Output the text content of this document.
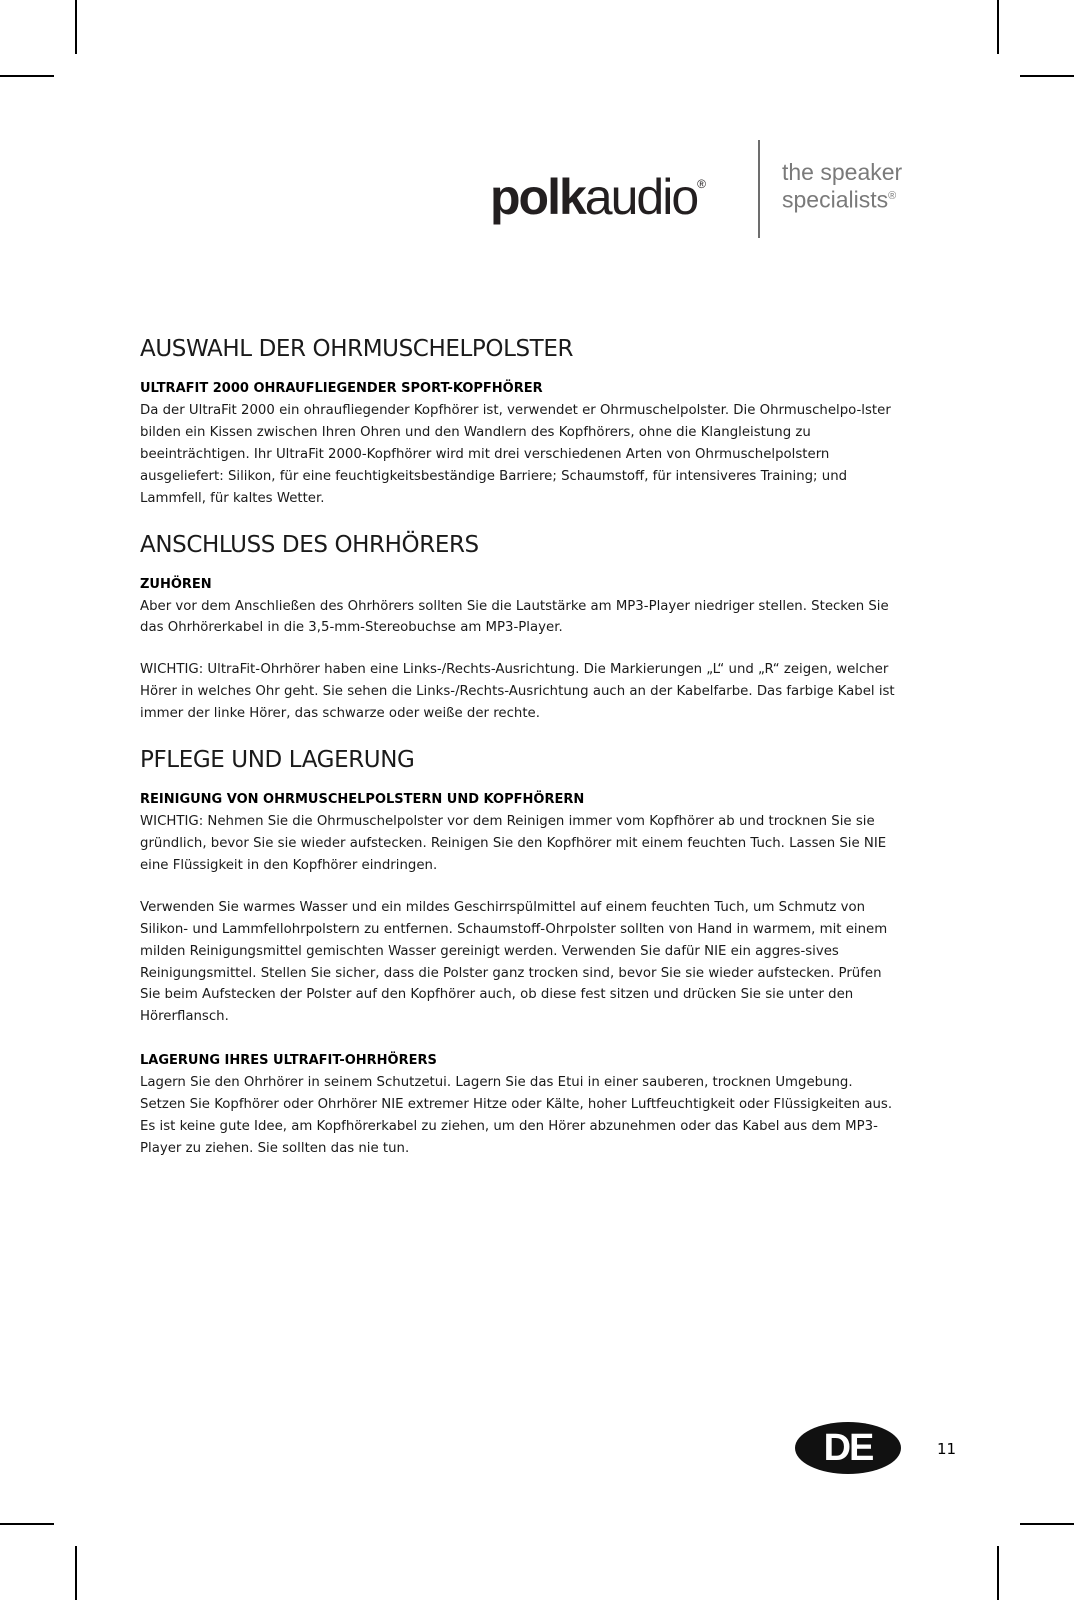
polkaudio®	the speaker
specialists®
AUSWAHL DER OHRMUSCHELPOLSTER
ULTRAFIT 2000 OHRAUFLIEGENDER SPORT-KOPFHÖRER

Da der UltraFit 2000 ein ohraufliegender Kopfhörer ist, verwendet er Ohrmuschelpolster. Die Ohrmuschelpo-lster bilden ein Kissen zwischen Ihren Ohren und den Wandlern des Kopfhörers, ohne die Klangleistung zu beeinträchtigen. Ihr UltraFit 2000-Kopfhörer wird mit drei verschiedenen Arten von Ohrmuschelpolstern ausgeliefert: Silikon, für eine feuchtigkeitsbeständige Barriere; Schaumstoff, für intensiveres Training; und Lammfell, für kaltes Wetter.

ANSCHLUSS DES OHRHÖRERS
ZUHÖREN

Aber vor dem Anschließen des Ohrhörers sollten Sie die Lautstärke am MP3-Player niedriger stellen. Stecken Sie das Ohrhörerkabel in die 3,5-mm-Stereobuchse am MP3-Player.

WICHTIG: UltraFit-Ohrhörer haben eine Links-/Rechts-Ausrichtung. Die Markierungen „L“ und „R“ zeigen, welcher Hörer in welches Ohr geht. Sie sehen die Links-/Rechts-Ausrichtung auch an der Kabelfarbe. Das farbige Kabel ist immer der linke Hörer, das schwarze oder weiße der rechte.

PFLEGE UND LAGERUNG
REINIGUNG VON OHRMUSCHELPOLSTERN UND KOPFHÖRERN

WICHTIG: Nehmen Sie die Ohrmuschelpolster vor dem Reinigen immer vom Kopfhörer ab und trocknen Sie sie gründlich, bevor Sie sie wieder aufstecken. Reinigen Sie den Kopfhörer mit einem feuchten Tuch. Lassen Sie NIE eine Flüssigkeit in den Kopfhörer eindringen.

Verwenden Sie warmes Wasser und ein mildes Geschirrspülmittel auf einem feuchten Tuch, um Schmutz von Silikon- und Lammfellohrpolstern zu entfernen. Schaumstoff-Ohrpolster sollten von Hand in warmem, mit einem milden Reinigungsmittel gemischten Wasser gereinigt werden. Verwenden Sie dafür NIE ein aggres-sives Reinigungsmittel. Stellen Sie sicher, dass die Polster ganz trocken sind, bevor Sie sie wieder aufstecken. Prüfen Sie beim Aufstecken der Polster auf den Kopfhörer auch, ob diese fest sitzen und drücken Sie sie unter den Hörerflansch.

LAGERUNG IHRES ULTRAFIT-OHRHÖRERS

Lagern Sie den Ohrhörer in seinem Schutzetui. Lagern Sie das Etui in einer sauberen, trocknen Umgebung. Setzen Sie Kopfhörer oder Ohrhörer NIE extremer Hitze oder Kälte, hoher Luftfeuchtigkeit oder Flüssigkeiten aus. Es ist keine gute Idee, am Kopfhörerkabel zu ziehen, um den Hörer abzunehmen oder das Kabel aus dem MP3-Player zu ziehen. Sie sollten das nie tun.

DE	11
